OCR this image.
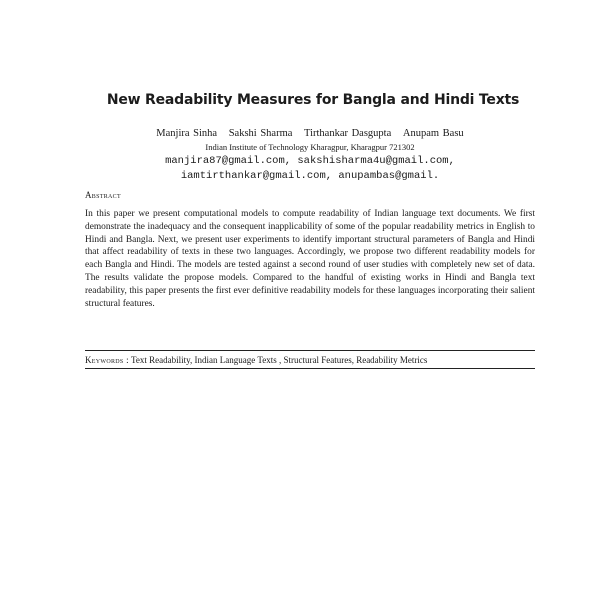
New Readability Measures for Bangla and Hindi Texts
Manjira Sinha Sakshi Sharma Tirthankar Dasgupta Anupam Basu
Indian Institute of Technology Kharagpur, Kharagpur 721302
manjira87@gmail.com, sakshisharma4u@gmail.com,
iamtirthankar@gmail.com, anupambas@gmail.
Abstract
In this paper we present computational models to compute readability of Indian language text documents. We first demonstrate the inadequacy and the consequent inapplicability of some of the popular readability metrics in English to Hindi and Bangla. Next, we present user experiments to identify important structural parameters of Bangla and Hindi that affect readability of texts in these two languages. Accordingly, we propose two different readability models for each Bangla and Hindi. The models are tested against a second round of user studies with completely new set of data. The results validate the propose models. Compared to the handful of existing works in Hindi and Bangla text readability, this paper presents the first ever definitive readability models for these languages incorporating their salient structural features.
Keywords : Text Readability, Indian Language Texts , Structural Features, Readability Metrics
